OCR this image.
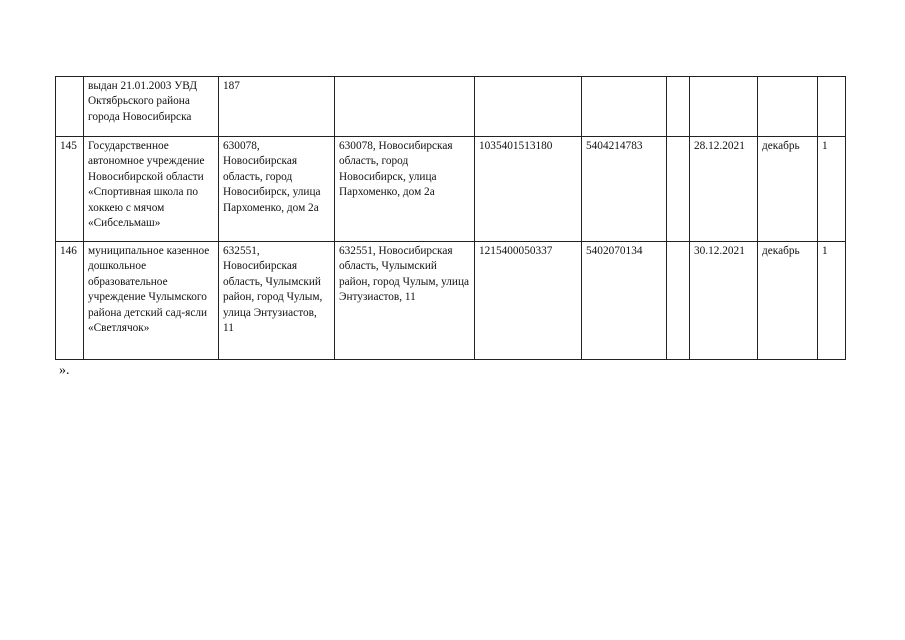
	выдан 21.01.2003 УВД Октябрьского района города Новосибирска	187							
145	Государственное автономное учреждение Новосибирской области «Спортивная школа по хоккею с мячом «Сибсельмаш»	630078, Новосибирская область, город Новосибирск, улица Пархоменко, дом 2а	630078, Новосибирская область, город Новосибирск, улица Пархоменко, дом 2а	1035401513180	5404214783		28.12.2021	декабрь	1
146	муниципальное казенное дошкольное образовательное учреждение Чулымского района детский сад-ясли «Светлячок»	632551, Новосибирская область, Чулымский район, город Чулым, улица Энтузиастов, 11	632551, Новосибирская область, Чулымский район, город Чулым, улица Энтузиастов, 11	1215400050337	5402070134		30.12.2021	декабрь	1
».
